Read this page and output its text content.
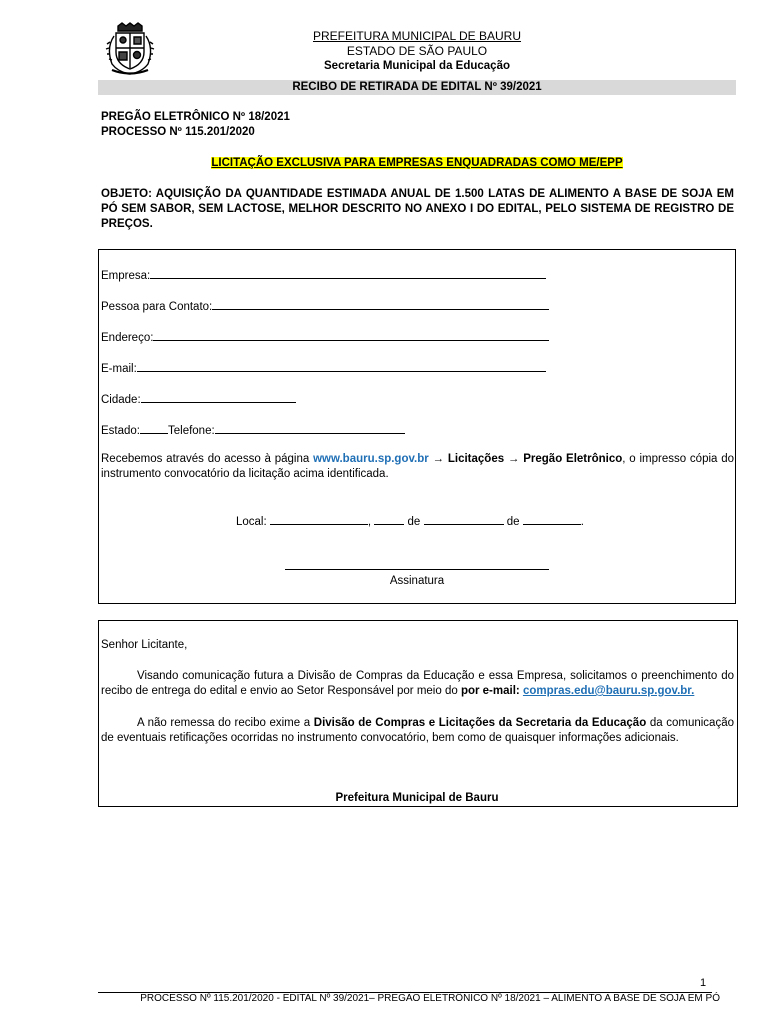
PREFEITURA MUNICIPAL DE BAURU
ESTADO DE SÃO PAULO
Secretaria Municipal da Educação
RECIBO DE RETIRADA DE EDITAL Nº 39/2021
PREGÃO ELETRÔNICO Nº 18/2021
PROCESSO Nº 115.201/2020
LICITAÇÃO EXCLUSIVA PARA EMPRESAS ENQUADRADAS COMO ME/EPP
OBJETO: AQUISIÇÃO DA QUANTIDADE ESTIMADA ANUAL DE 1.500 LATAS DE ALIMENTO A BASE DE SOJA EM PÓ SEM SABOR, SEM LACTOSE, MELHOR DESCRITO NO ANEXO I DO EDITAL, PELO SISTEMA DE REGISTRO DE PREÇOS.
Empresa:
Pessoa para Contato:
Endereço:
E-mail:
Cidade:
Estado: Telefone:
Recebemos através do acesso à página www.bauru.sp.gov.br → Licitações → Pregão Eletrônico, o impresso cópia do instrumento convocatório da licitação acima identificada.
Local:	,	de	de	.
Assinatura
Senhor Licitante,
Visando comunicação futura a Divisão de Compras da Educação e essa Empresa, solicitamos o preenchimento do recibo de entrega do edital e envio ao Setor Responsável por meio do por e-mail: compras.edu@bauru.sp.gov.br.
A não remessa do recibo exime a Divisão de Compras e Licitações da Secretaria da Educação da comunicação de eventuais retificações ocorridas no instrumento convocatório, bem como de quaisquer informações adicionais.
Prefeitura Municipal de Bauru
1
PROCESSO Nº 115.201/2020 - EDITAL Nº 39/2021– PREGÃO ELETRÔNICO Nº 18/2021 – ALIMENTO A BASE DE SOJA EM PÓ
